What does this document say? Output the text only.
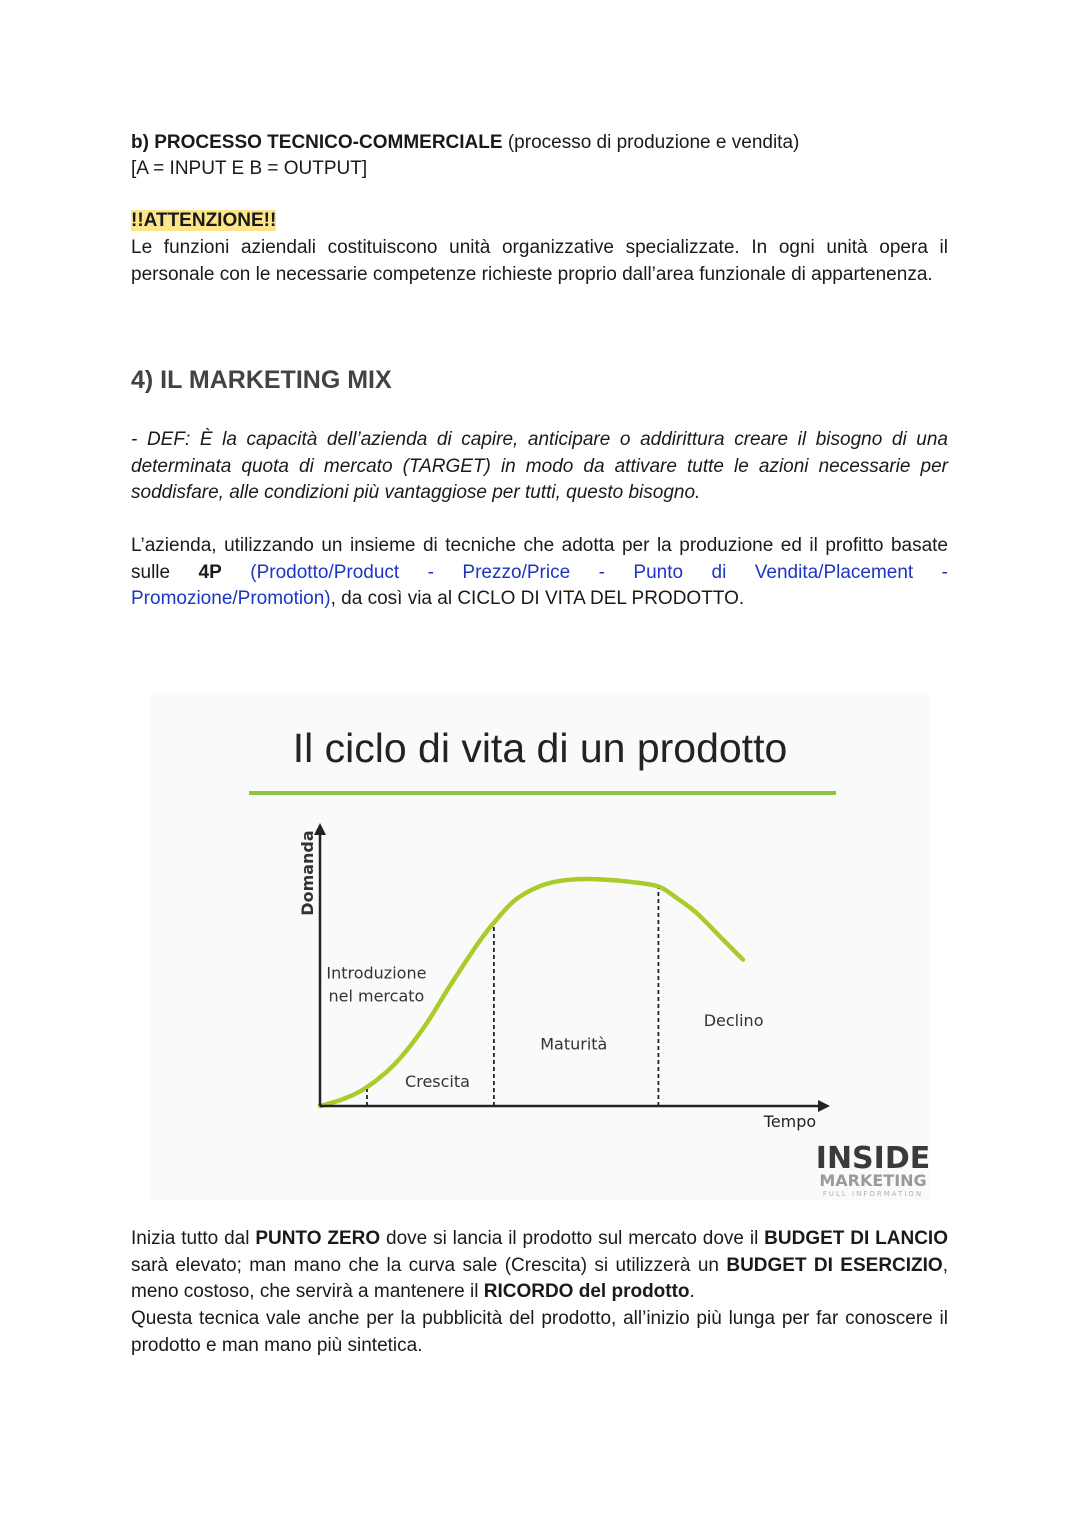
b) PROCESSO TECNICO-COMMERCIALE (processo di produzione e vendita)

[A = INPUT E B = OUTPUT]

!!ATTENZIONE!!

Le funzioni aziendali costituiscono unità organizzative specializzate. In ogni unità opera il personale con le necessarie competenze richieste proprio dall’area funzionale di appartenenza.

4) IL MARKETING MIX

- DEF: È la capacità dell’azienda di capire, anticipare o addirittura creare il bisogno di una determinata quota di mercato (TARGET) in modo da attivare tutte le azioni necessarie per soddisfare, alle condizioni più vantaggiose per tutti, questo bisogno.

L’azienda, utilizzando un insieme di tecniche che adotta per la produzione ed il profitto basate sulle 4P (Prodotto/Product - Prezzo/Price - Punto di Vendita/Placement - Promozione/Promotion), da così via al CICLO DI VITA DEL PRODOTTO.

Il ciclo di vita di un prodotto
Domanda
Tempo
Introduzione nel mercato
Crescita
Maturità
Declino
INSIDE
MARKETING
FULL INFORMATION

Inizia tutto dal PUNTO ZERO dove si lancia il prodotto sul mercato dove il BUDGET DI LANCIO sarà elevato; man mano che la curva sale (Crescita) si utilizzerà un BUDGET DI ESERCIZIO, meno costoso, che servirà a mantenere il RICORDO del prodotto.

Questa tecnica vale anche per la pubblicità del prodotto, all’inizio più lunga per far conoscere il prodotto e man mano più sintetica.
